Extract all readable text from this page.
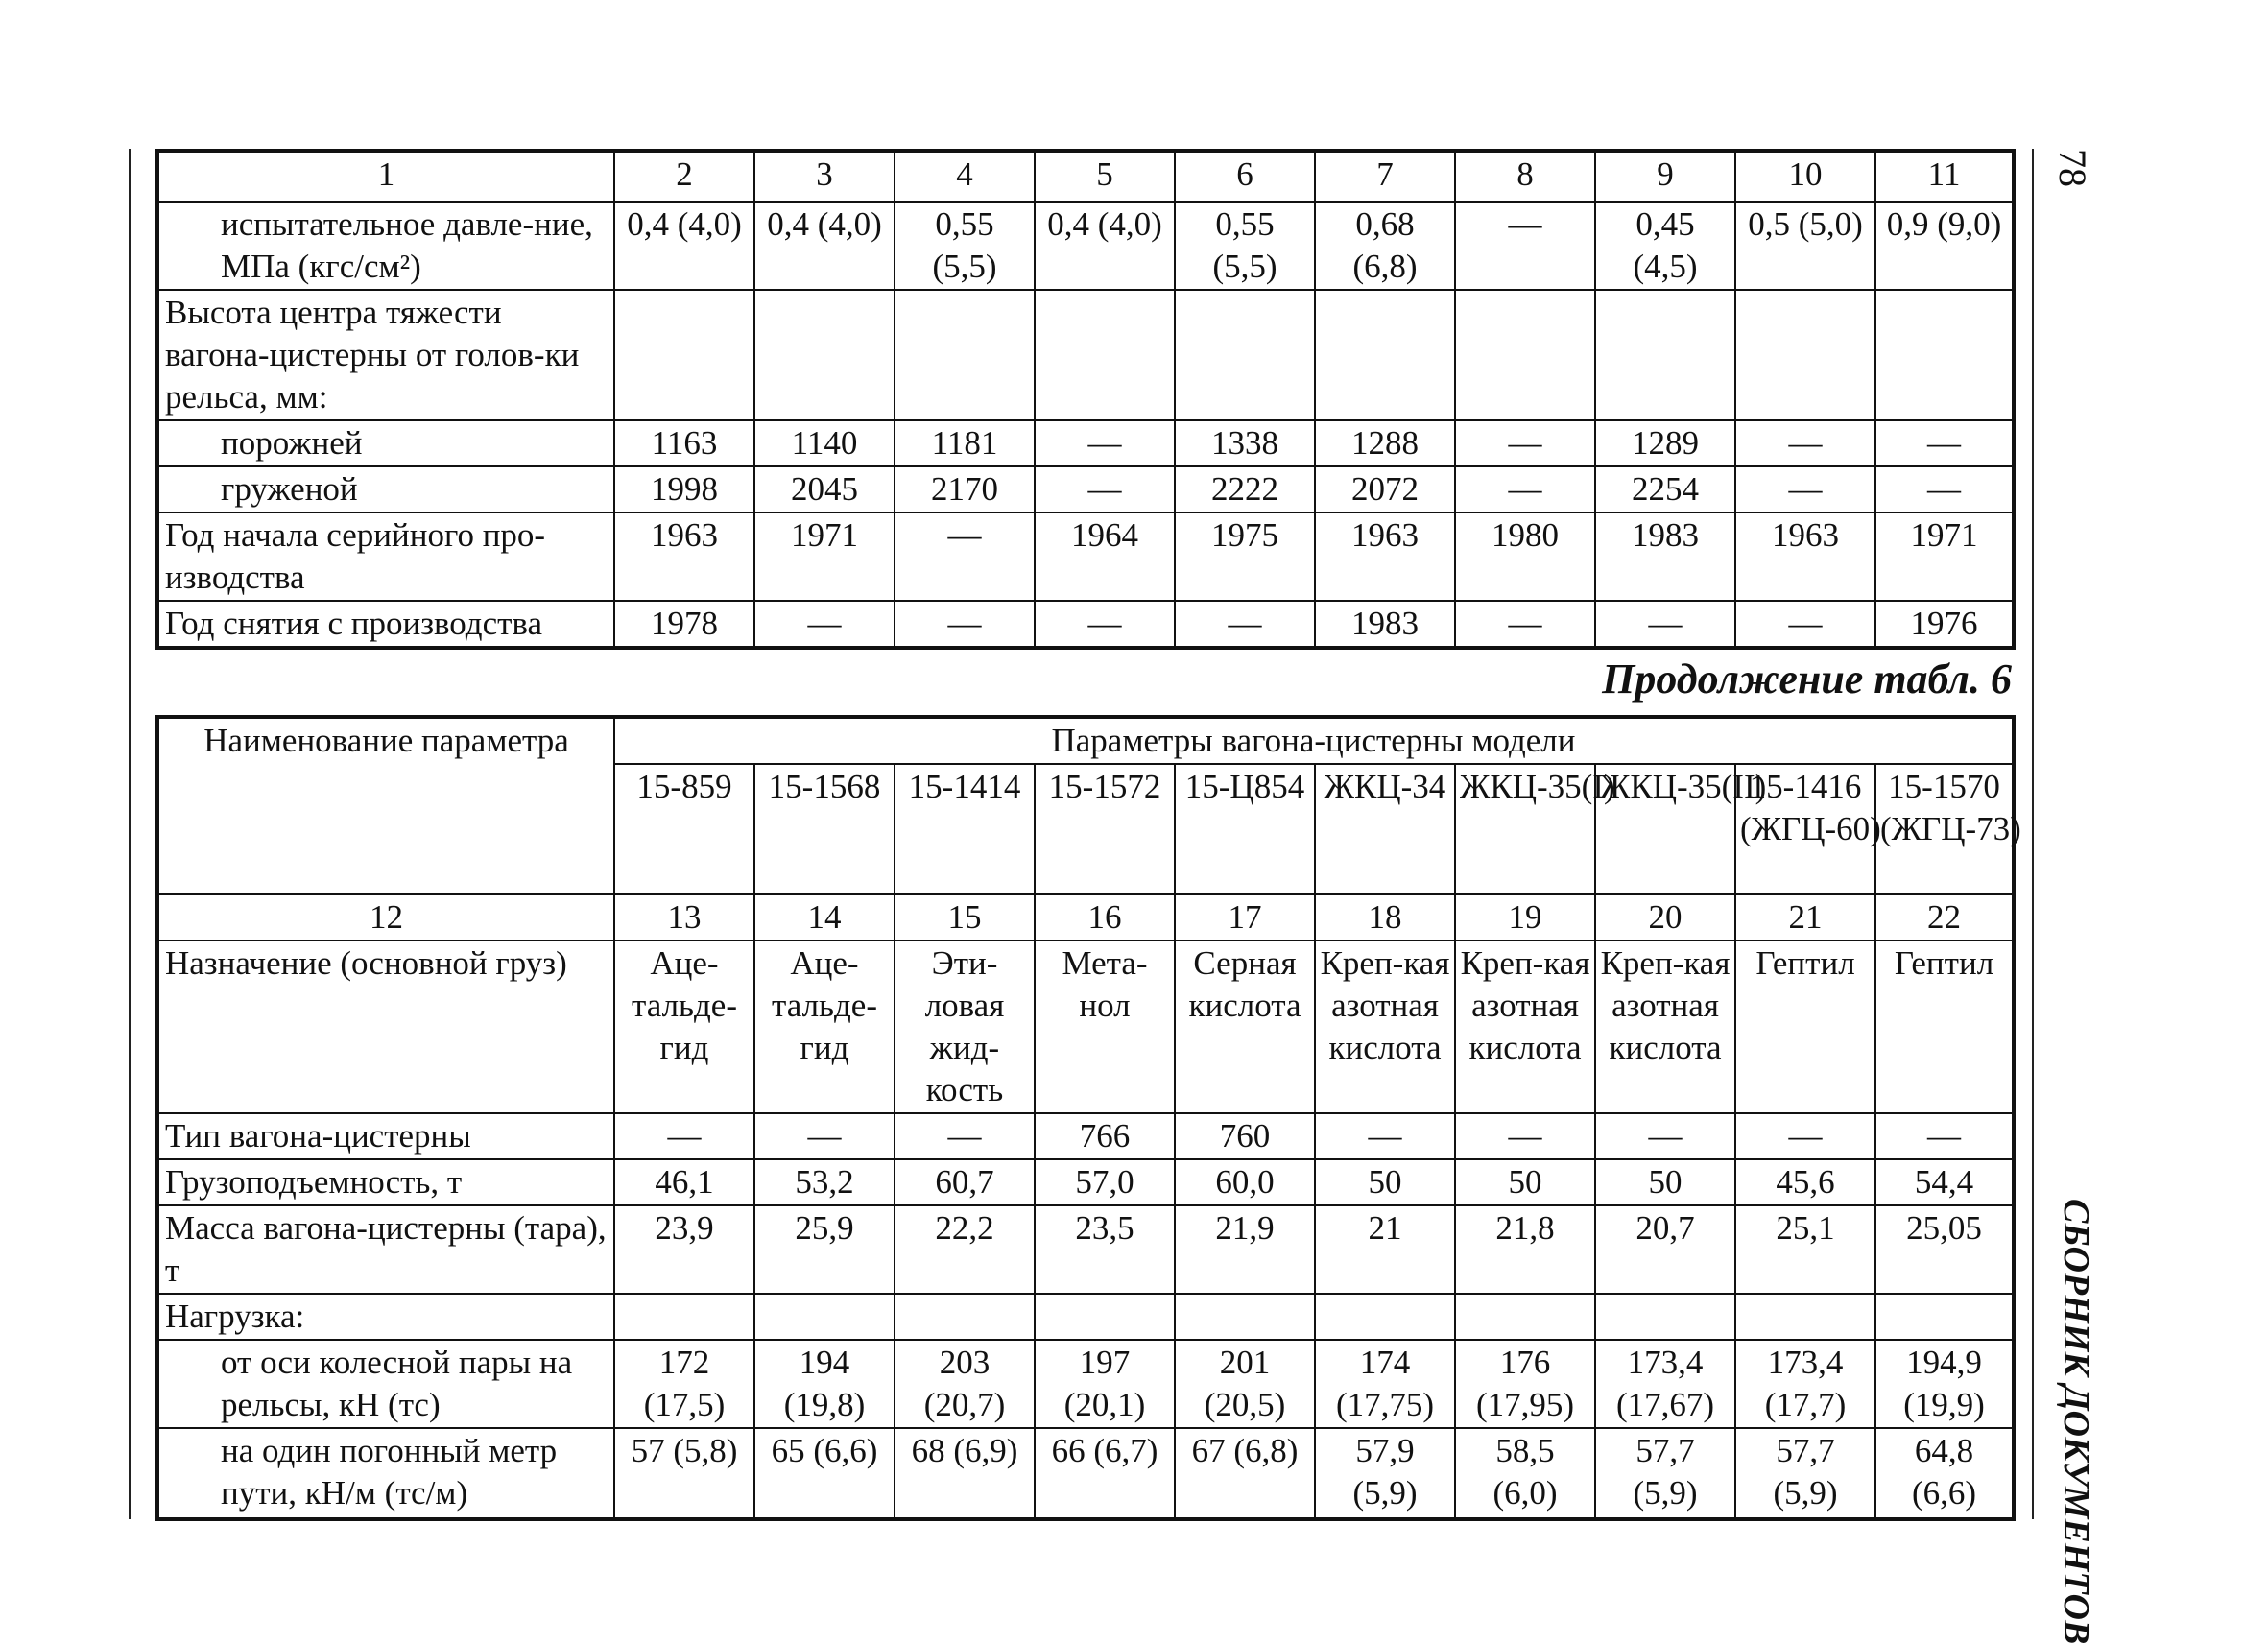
1	2	3	4	5	6	7	8	9	10	11
испытательное давле-ние, МПа (кгс/см²)	0,4 (4,0)	0,4 (4,0)	0,55 (5,5)	0,4 (4,0)	0,55 (5,5)	0,68 (6,8)	—	0,45 (4,5)	0,5 (5,0)	0,9 (9,0)
Высота центра тяжести вагона-цистерны от голов-ки рельса, мм:										
порожней	1163	1140	1181	—	1338	1288	—	1289	—	—
груженой	1998	2045	2170	—	2222	2072	—	2254	—	—
Год начала серийного про-изводства	1963	1971	—	1964	1975	1963	1980	1983	1963	1971
Год снятия с производства	1978	—	—	—	—	1983	—	—	—	1976
Продолжение табл. 6
Наименование параметра	Параметры вагона-цистерны модели									
	15-859	15-1568	15-1414	15-1572	15-Ц854	ЖКЦ-34	ЖКЦ-35(I)	ЖКЦ-35(II)	15-1416 (ЖГЦ-60)	15-1570 (ЖГЦ-73)
12	13	14	15	16	17	18	19	20	21	22
Назначение (основной груз)	Аце-тальде-гид	Аце-тальде-гид	Эти-ловая жид-кость	Мета-нол	Серная кислота	Креп-кая азотная кислота	Креп-кая азотная кислота	Креп-кая азотная кислота	Гептил	Гептил
Тип вагона-цистерны	—	—	—	766	760	—	—	—	—	—
Грузоподъемность, т	46,1	53,2	60,7	57,0	60,0	50	50	50	45,6	54,4
Масса вагона-цистерны (тара), т	23,9	25,9	22,2	23,5	21,9	21	21,8	20,7	25,1	25,05
Нагрузка:										
от оси колесной пары на рельсы, кН (тс)	172 (17,5)	194 (19,8)	203 (20,7)	197 (20,1)	201 (20,5)	174 (17,75)	176 (17,95)	173,4 (17,67)	173,4 (17,7)	194,9 (19,9)
на один погонный метр пути, кН/м (тс/м)	57 (5,8)	65 (6,6)	68 (6,9)	66 (6,7)	67 (6,8)	57,9 (5,9)	58,5 (6,0)	57,7 (5,9)	57,7 (5,9)	64,8 (6,6)
78
СБОРНИК ДОКУМЕНТОВ
